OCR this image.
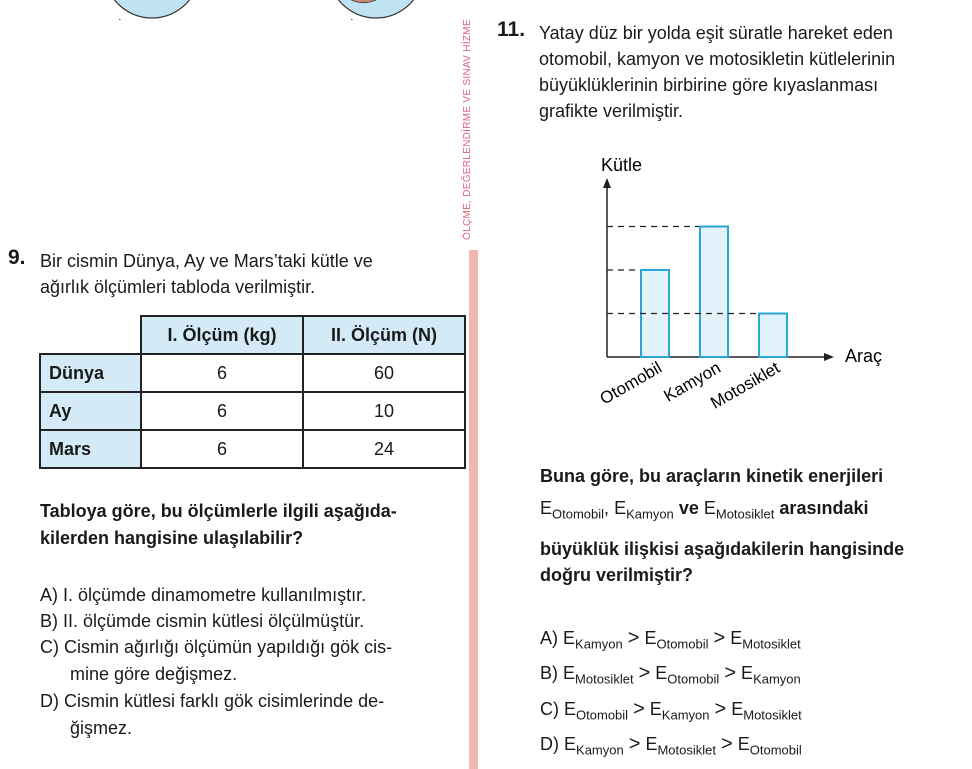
ÖLÇME, DEĞERLENDİRME VE SINAV HİZME
9. Bir cismin Dünya, Ay ve Mars’taki kütle ve
ağırlık ölçümleri tabloda verilmiştir.
	I. Ölçüm (kg)	II. Ölçüm (N)
Dünya	6	60
Ay	6	10
Mars	6	24
Tabloya göre, bu ölçümlerle ilgili aşağıda-
kilerden hangisine ulaşılabilir?
A) I. ölçümde dinamometre kullanılmıştır.
B) II. ölçümde cismin kütlesi ölçülmüştür.
C) Cismin ağırlığı ölçümün yapıldığı gök cis-
mine göre değişmez.
D) Cismin kütlesi farklı gök cisimlerinde de-
ğişmez.
11. Yatay düz bir yolda eşit süratle hareket eden
otomobil, kamyon ve motosikletin kütlelerinin
büyüklüklerinin birbirine göre kıyaslanması
grafikte verilmiştir.
Otomobil
Kamyon
Motosiklet
Kütle
Araç
Buna göre, bu araçların kinetik enerjileri
$E_{Otomobil}$, $E_{Kamyon}$ ve $E_{Motosiklet}$ arasındaki
büyüklük ilişkisi aşağıdakilerin hangisinde
doğru verilmiştir?
A) $E_{Kamyon} > E_{Otomobil} > E_{Motosiklet}$
B) $E_{Motosiklet} > E_{Otomobil} > E_{Kamyon}$
C) $E_{Otomobil} > E_{Kamyon} > E_{Motosiklet}$
D) $E_{Kamyon} > E_{Motosiklet} > E_{Otomobil}$
